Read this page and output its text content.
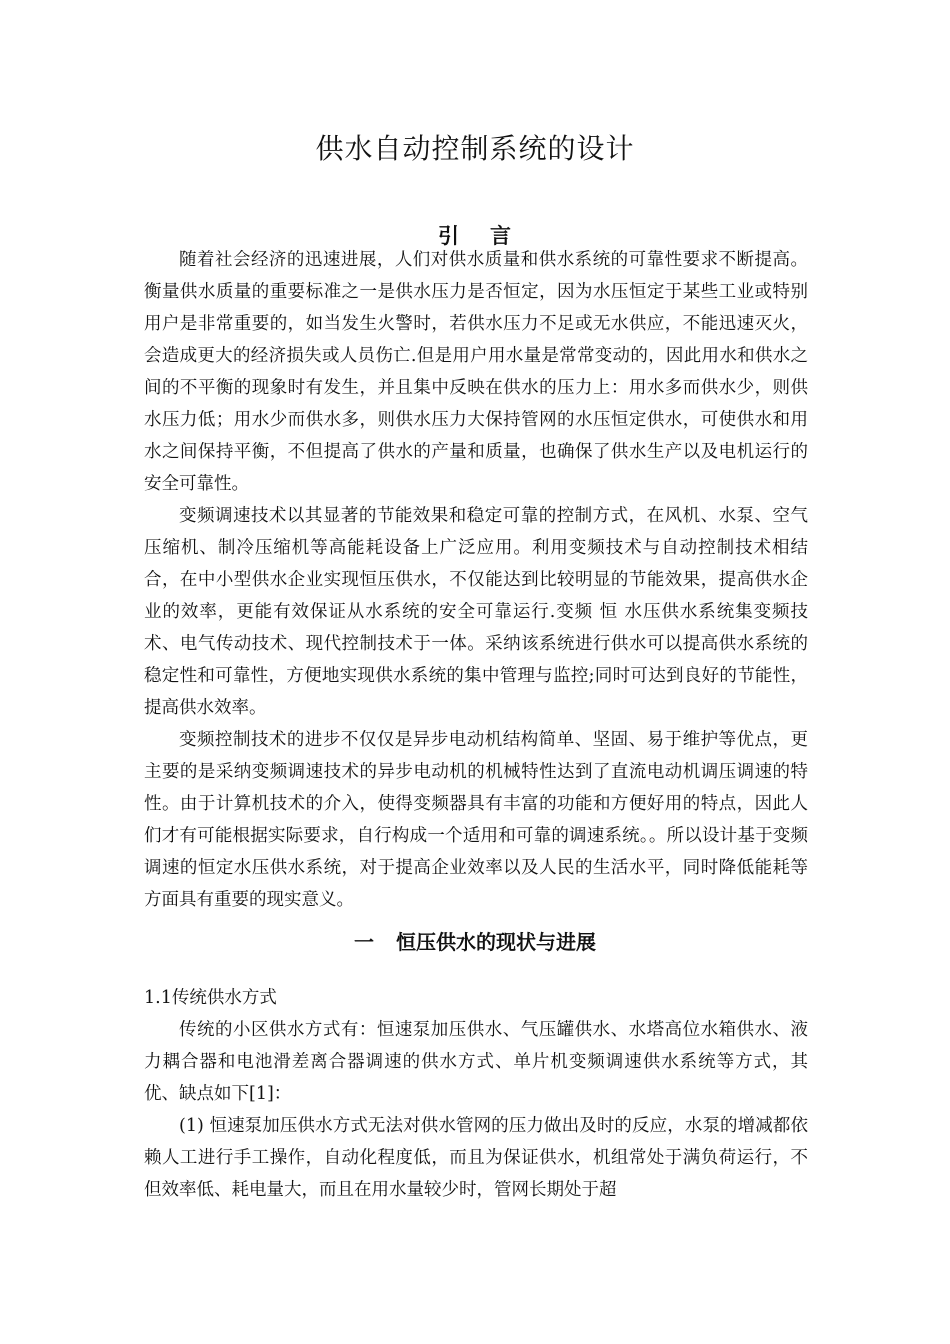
供水自动控制系统的设计
引 言

随着社会经济的迅速进展，人们对供水质量和供水系统的可靠性要求不断提高。衡量供水质量的重要标准之一是供水压力是否恒定，因为水压恒定于某些工业或特别用户是非常重要的，如当发生火警时，若供水压力不足或无水供应，不能迅速灭火，会造成更大的经济损失或人员伤亡.但是用户用水量是常常变动的，因此用水和供水之间的不平衡的现象时有发生，并且集中反映在供水的压力上：用水多而供水少，则供水压力低；用水少而供水多，则供水压力大保持管网的水压恒定供水，可使供水和用水之间保持平衡，不但提高了供水的产量和质量，也确保了供水生产以及电机运行的安全可靠性。

变频调速技术以其显著的节能效果和稳定可靠的控制方式，在风机、水泵、空气压缩机、制冷压缩机等高能耗设备上广泛应用。利用变频技术与自动控制技术相结合，在中小型供水企业实现恒压供水，不仅能达到比较明显的节能效果，提高供水企业的效率，更能有效保证从水系统的安全可靠运行.变频 恒 水压供水系统集变频技术、电气传动技术、现代控制技术于一体。采纳该系统进行供水可以提高供水系统的稳定性和可靠性，方便地实现供水系统的集中管理与监控;同时可达到良好的节能性，提高供水效率。

变频控制技术的进步不仅仅是异步电动机结构简单、坚固、易于维护等优点，更主要的是采纳变频调速技术的异步电动机的机械特性达到了直流电动机调压调速的特性。由于计算机技术的介入，使得变频器具有丰富的功能和方便好用的特点，因此人们才有可能根据实际要求，自行构成一个适用和可靠的调速系统。。所以设计基于变频调速的恒定水压供水系统，对于提高企业效率以及人民的生活水平，同时降低能耗等方面具有重要的现实意义。

一 恒压供水的现状与进展
1.1传统供水方式

传统的小区供水方式有：恒速泵加压供水、气压罐供水、水塔高位水箱供水、液力耦合器和电池滑差离合器调速的供水方式、单片机变频调速供水系统等方式，其优、缺点如下[1]：

(1) 恒速泵加压供水方式无法对供水管网的压力做出及时的反应，水泵的增减都依赖人工进行手工操作，自动化程度低，而且为保证供水，机组常处于满负荷运行，不但效率低、耗电量大，而且在用水量较少时，管网长期处于超
